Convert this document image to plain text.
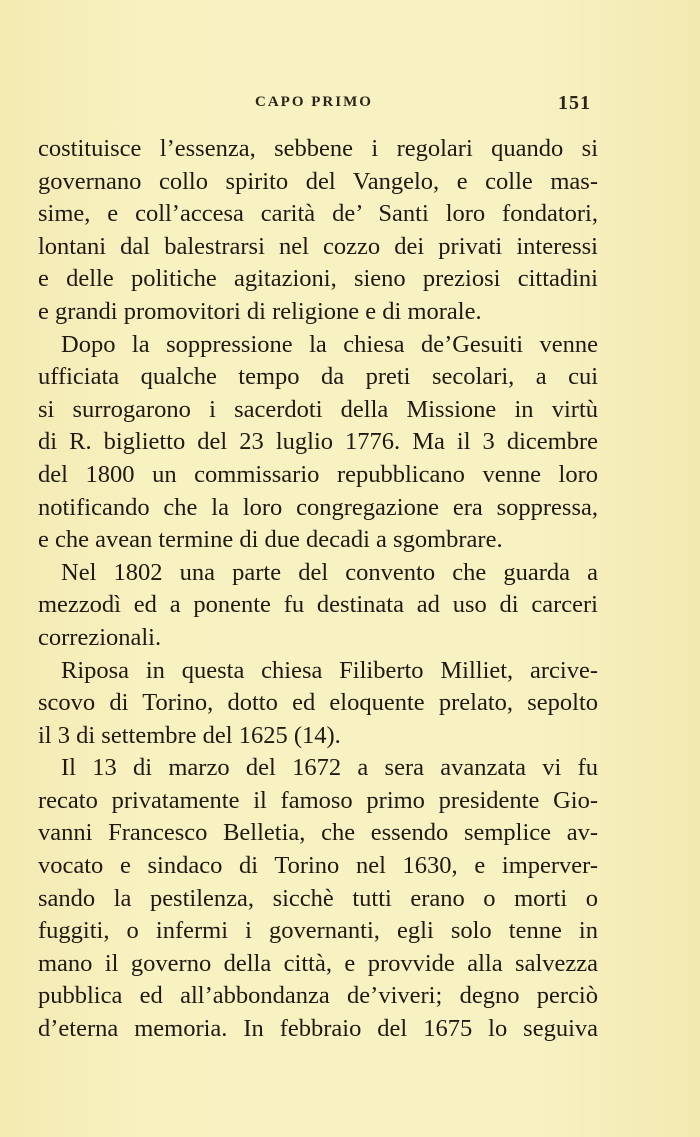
CAPO PRIMO	151
costituisce l’essenza, sebbene i regolari quando si
governano collo spirito del Vangelo, e colle mas-
sime, e coll’accesa carità de’ Santi loro fondatori,
lontani dal balestrarsi nel cozzo dei privati interessi
e delle politiche agitazioni, sieno preziosi cittadini
e grandi promovitori di religione e di morale.
Dopo la soppressione la chiesa de’Gesuiti venne
ufficiata qualche tempo da preti secolari, a cui
si surrogarono i sacerdoti della Missione in virtù
di R. biglietto del 23 luglio 1776. Ma il 3 dicembre
del 1800 un commissario repubblicano venne loro
notificando che la loro congregazione era soppressa,
e che avean termine di due decadi a sgombrare.
Nel 1802 una parte del convento che guarda a
mezzodì ed a ponente fu destinata ad uso di carceri
correzionali.
Riposa in questa chiesa Filiberto Milliet, arcive-
scovo di Torino, dotto ed eloquente prelato, sepolto
il 3 di settembre del 1625 (14).
Il 13 di marzo del 1672 a sera avanzata vi fu
recato privatamente il famoso primo presidente Gio-
vanni Francesco Belletia, che essendo semplice av-
vocato e sindaco di Torino nel 1630, e imperver-
sando la pestilenza, sicchè tutti erano o morti o
fuggiti, o infermi i governanti, egli solo tenne in
mano il governo della città, e provvide alla salvezza
pubblica ed all’abbondanza de’viveri; degno perciò
d’eterna memoria. In febbraio del 1675 lo seguiva
